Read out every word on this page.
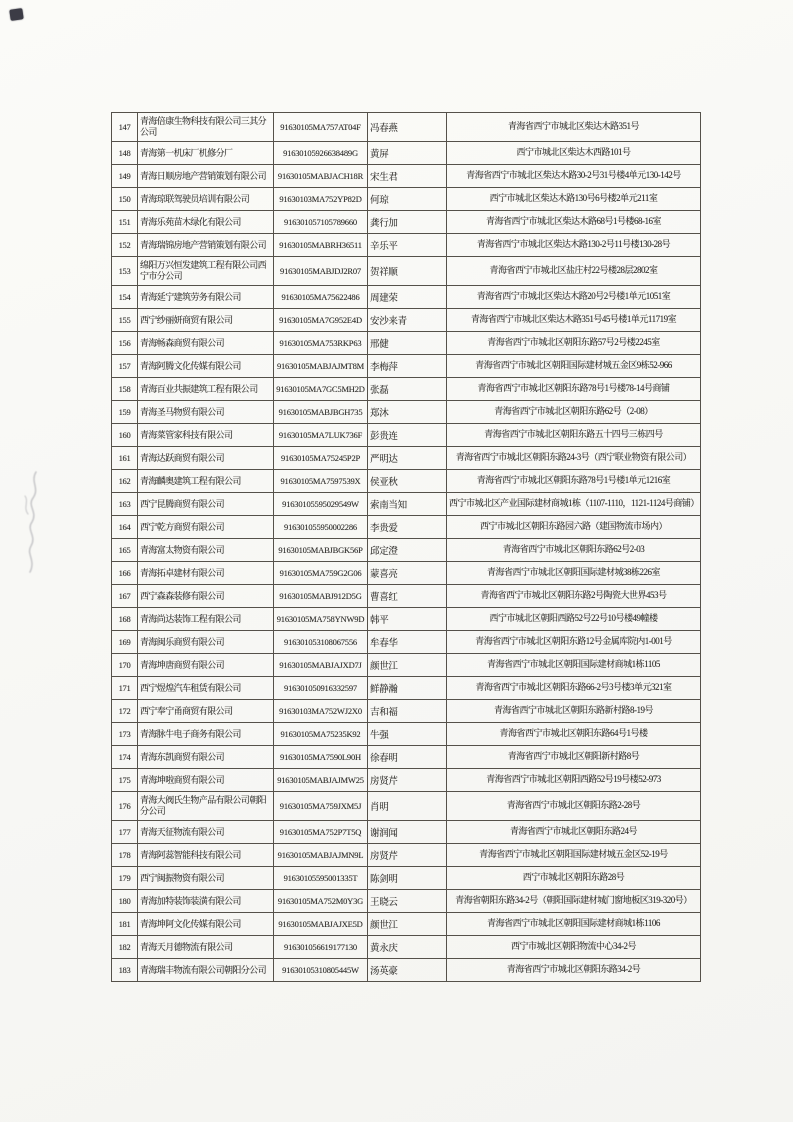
147	青海倍康生物科技有限公司三其分公司	91630105MA757AT04F	冯春燕	青海省西宁市城北区柴达木路351号
148	青海第一机床厂机修分厂	91630105926638489G	黄屏	西宁市城北区柴达木西路101号
149	青海日顺房地产营销策划有限公司	91630105MABJACH18R	宋生君	青海省西宁市城北区柴达木路30-2号31号楼4单元130-142号
150	青海琼联驾驶员培训有限公司	91630103MA752YP82D	何琼	西宁市城北区柴达木路130号6号楼2单元211室
151	青海乐苑苗木绿化有限公司	916301057105789660	龚行加	青海省西宁市城北区柴达木路68号1号楼68-16室
152	青海瑞锦房地产营销策划有限公司	91630105MABRH36511	辛乐平	青海省西宁市城北区柴达木路130-2号11号楼130-28号
153	绵阳万兴恒发建筑工程有限公司西宁市分公司	91630105MABJDJ2R07	贺祥顺	青海省西宁市城北区盐庄村22号楼28层2802室
154	青海延宁建筑劳务有限公司	91630105MA75622486	周建荣	青海省西宁市城北区柴达木路20号2号楼1单元1051室
155	西宁纱丽妍商贸有限公司	91630105MA7G952E4D	安沙来青	青海省西宁市城北区柴达木路351号45号楼1单元11719室
156	青海畅森商贸有限公司	91630105MA753RKP63	邢健	青海省西宁市城北区朝阳东路57号2号楼2245室
157	青海阿腾文化传媒有限公司	91630105MABJAJMT8M	李梅萍	青海省西宁市城北区朝阳国际建材城五金区9栋52-966
158	青海百业共振建筑工程有限公司	91630105MA7GC5MH2D	张磊	青海省西宁市城北区朝阳东路78号1号楼78-14号商铺
159	青海圣马物贸有限公司	91630105MABJBGH735	郑沐	青海省西宁市城北区朝阳东路62号（2-08）
160	青海菜管家科技有限公司	91630105MA7LUK736F	彭贵连	青海省西宁市城北区朝阳东路五十四号三栋四号
161	青海达跃商贸有限公司	91630105MA75245P2P	严明达	青海省西宁市城北区朝阳东路24-3号（西宁联业物资有限公司）
162	青海麟奥建筑工程有限公司	91630105MA7597539X	侯亚秋	青海省西宁市城北区朝阳东路78号1号楼1单元1216室
163	西宁昆腾商贸有限公司	91630105595029549W	索南当知	西宁市城北区产业国际建材商城1栋（1107-1110，1121-1124号商铺）
164	西宁乾方商贸有限公司	916301055950002286	李贵爱	西宁市城北区朝阳东路园六路（建国物流市场内）
165	青海富太物资有限公司	91630105MABJBGK56P	邱定澄	青海省西宁市城北区朝阳东路62号2-03
166	青海拓卓建材有限公司	91630105MA759G2G06	蒙喜亮	青海省西宁市城北区朝阳国际建材城38栋226室
167	西宁森森装修有限公司	91630105MABJ912D5G	曹喜红	青海省西宁市城北区朝阳东路2号陶瓷大世界453号
168	青海尚达装饰工程有限公司	91630105MA758YNW9D	韩平	西宁市城北区朝阳西路52号22号10号楼49幢楼
169	青海闽乐商贸有限公司	916301053108067556	牟春华	青海省西宁市城北区朝阳东路12号金属库院内1-001号
170	青海坤唐商贸有限公司	91630105MABJAJXD7J	颜世江	青海省西宁市城北区朝阳国际建材商城1栋1105
171	西宁煜煌汽车租赁有限公司	916301050916332597	鲜静瀚	青海省西宁市城北区朝阳东路66-2号3号楼3单元321室
172	西宁奉宁甬商贸有限公司	91630103MA752WJ2X0	吉和福	青海省西宁市城北区朝阳东路新村路8-19号
173	青海脉牛电子商务有限公司	91630105MA75235K92	牛强	青海省西宁市城北区朝阳东路64号1号楼
174	青海东凯商贸有限公司	91630105MA7590L90H	徐春明	青海省西宁市城北区朝阳新村路8号
175	青海坤啦商贸有限公司	91630105MABJAJMW25	房贤芹	青海省西宁市城北区朝阳西路52号19号楼52-973
176	青海大阀氏生物产品有限公司朝阳分公司	91630105MA759JXM5J	肖明	青海省西宁市城北区朝阳东路2-28号
177	青海天征物流有限公司	91630105MA752P7T5Q	谢润闻	青海省西宁市城北区朝阳东路24号
178	青海阿蕊智能科技有限公司	91630105MABJAJMN9L	房贤芹	青海省西宁市城北区朝阳国际建材城五金区52-19号
179	西宁闽振物资有限公司	91630105595001335T	陈剑明	西宁市城北区朝阳东路28号
180	青海加特装饰装潢有限公司	91630105MA752M0Y3G	王晓云	青海省朝阳东路34-2号（朝阳国际建材城门窗地板区319-320号）
181	青海坤阿文化传媒有限公司	91630105MABJAJXE5D	颜世江	青海省西宁市城北区朝阳国际建材商城1栋1106
182	青海天月德物流有限公司	916301056619177130	黄永庆	西宁市城北区朝阳物流中心34-2号
183	青海瑞丰物流有限公司朝阳分公司	91630105310805445W	汤英豪	青海省西宁市城北区朝阳东路34-2号
